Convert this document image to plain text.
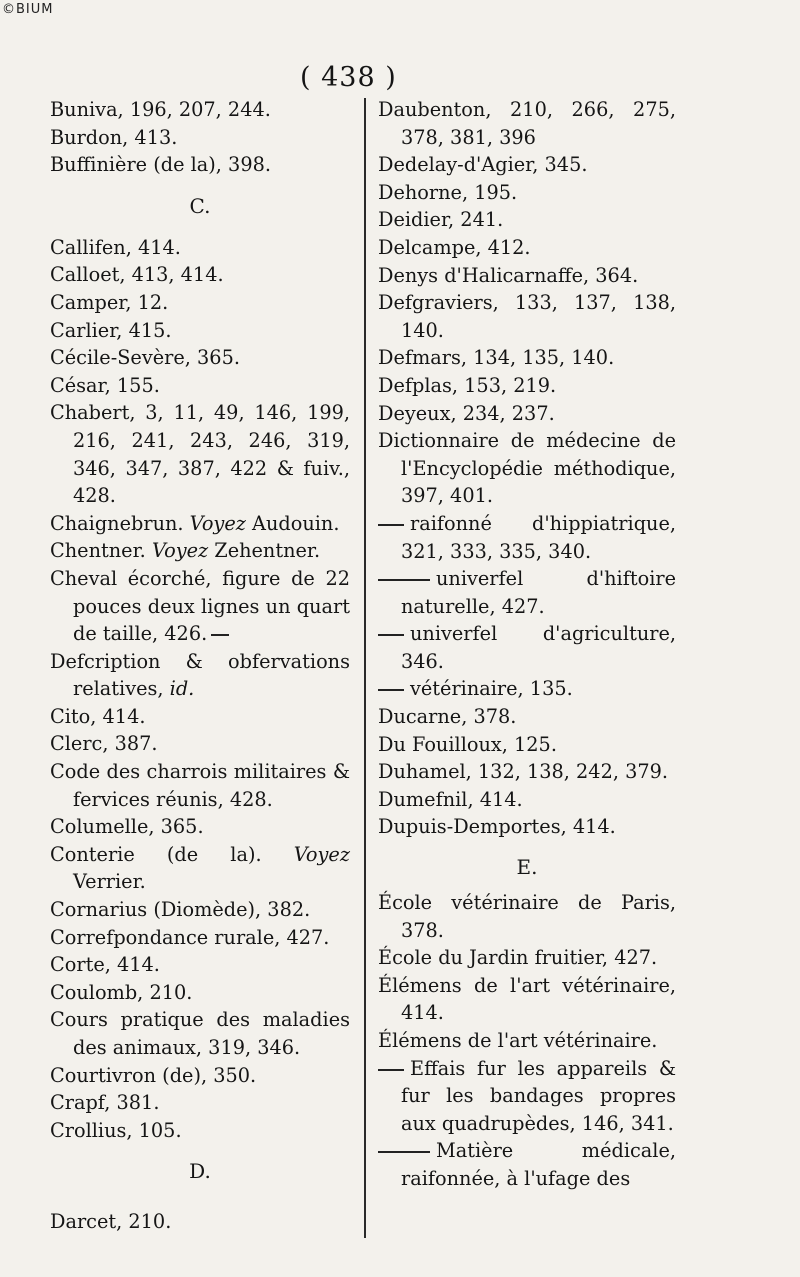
©BIUM
( 438 )

Buniva, 196, 207, 244.

Burdon, 413.

Buffinière (de la), 398.

C.

Callifen, 414.

Calloet, 413, 414.

Camper, 12.

Carlier, 415.

Cécile-Sevère, 365.

César, 155.

Chabert, 3, 11, 49, 146, 199, 216, 241, 243, 246, 319, 346, 347, 387, 422 & fuiv., 428.

Chaignebrun. Voyez Audouin.

Chentner. Voyez Zehentner.

Cheval écorché, figure de 22 pouces deux lignes un quart de taille, 426.

Defcription & obfervations relatives, id.

Cito, 414.

Clerc, 387.

Code des charrois militaires & fervices réunis, 428.

Columelle, 365.

Conterie (de la). Voyez Verrier.

Cornarius (Diomède), 382.

Correfpondance rurale, 427.

Corte, 414.

Coulomb, 210.

Cours pratique des maladies des animaux, 319, 346.

Courtivron (de), 350.

Crapf, 381.

Crollius, 105.

D.

Darcet, 210.

Daubenton, 210, 266, 275, 378, 381, 396

Dedelay-d'Agier, 345.

Dehorne, 195.

Deidier, 241.

Delcampe, 412.

Denys d'Halicarnaffe, 364.

Defgraviers, 133, 137, 138, 140.

Defmars, 134, 135, 140.

Defplas, 153, 219.

Deyeux, 234, 237.

Dictionnaire de médecine de l'Encyclopédie méthodique, 397, 401.

raifonné d'hippiatrique, 321, 333, 335, 340.

univerfel d'hiftoire naturelle, 427.

univerfel d'agriculture, 346.

vétérinaire, 135.

Ducarne, 378.

Du Fouilloux, 125.

Duhamel, 132, 138, 242, 379.

Dumefnil, 414.

Dupuis-Demportes, 414.

E.

École vétérinaire de Paris, 378.

École du Jardin fruitier, 427.

Élémens de l'art vétérinaire, 414.

Élémens de l'art vétérinaire.

Effais fur les appareils & fur les bandages propres aux quadrupèdes, 146, 341.

Matière médicale, raifonnée, à l'ufage des
